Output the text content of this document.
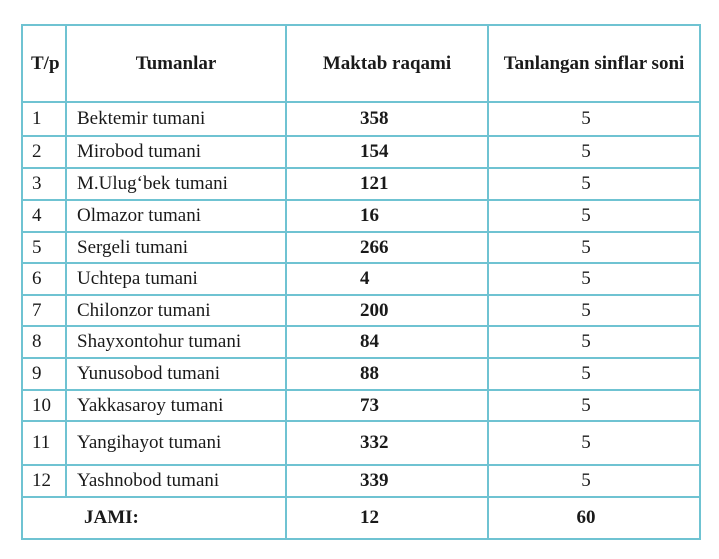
T/p	Tumanlar	Maktab raqami	Tanlangan sinflar soni
1	Bektemir tumani	358	5
2	Mirobod tumani	154	5
3	M.Ulug‘bek tumani	121	5
4	Olmazor tumani	16	5
5	Sergeli tumani	266	5
6	Uchtepa tumani	4	5
7	Chilonzor tumani	200	5
8	Shayxontohur tumani	84	5
9	Yunusobod tumani	88	5
10	Yakkasaroy tumani	73	5
11	Yangihayot tumani	332	5
12	Yashnobod tumani	339	5
JAMI:		12	60
